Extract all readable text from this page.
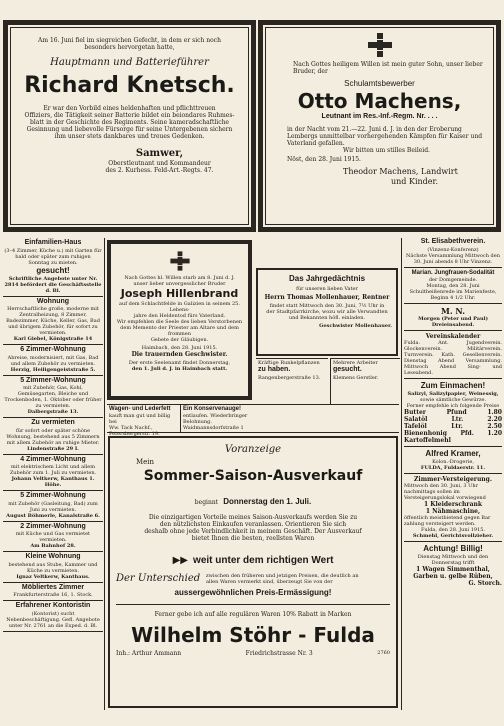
Am 16. Juni fiel im siegreichen Gefecht, in dem er sich noch
besonders hervorgetan hatte,
Hauptmann und Batterieführer
Richard Knetsch.
Er war den Vorbild eines heldenhaften und pflichttreuen
Offiziers, die Tätigkeit seiner Batterie bildet ein beiondares Ruhmes-
blatt in der Geschichte des Regiments. Seine kameradschaftliche
Gesinnung und liebevolle Fürsorge für seine Untergebenen sichern
ihm unser stets dankbares und treues Gedenken.
Samwer,
Oberstleutnant und Kommandeur
des 2. Kurhess. Feld-Art.-Regts. 47.
Nach Gottes heiligem Willen ist mein guter Sohn, unser lieber
Bruder, der
Schulamtsbewerber
Otto Machens,
Leutnant im Res.-Inf.-Regm. Nr. . . .
in der Nacht vom 21.—22. Juni d. J. in den der Eroberung
Lembergs unmittelbar vorhergehenden Kämpfen für Kaiser und
Vaterland gefallen.
Wir bitten um stilles Beileid.
Nöst, den 28. Juni 1915.
Theodor Machens, Landwirt
und Kinder.
Einfamilien-Haus
(3–4 Zimmer, Küche u.) mit Garten für bald oder später zum ruhigen Sonntag zu mieten.
gesucht!
Schriftliche Angebote unter Nr. 2814 befördert die Geschäftsstelle d. Bl.
Wohnung
Herrschaftliche große, moderne mit Zentralheizung, 8 Zimmer, Badezimmer, Küche, Keller, Gas, Bad und übrigem Zubehör, für sofort zu vermieten.
Karl Giebel, Königstraße 14
6 Zimmer-Wohnung
Abreise, modernisiert, mit Gas, Bad und allem Zubehör zu vermieten.
Herzig, Heiligengeiststraße 5.
5 Zimmer-Wohnung
mit Zubehör, Gas, Kohl, Gemüsegarten, Bleiche und Trockenboden, 1. Oktober oder früher zu vermieten.
Dalbergstraße 13.
Zu vermieten
für sofort oder später schöne Wohnung, bestehend aus 5 Zimmern mit allem Zubehör an ruhige Mieter.
Lindenstraße 29 I.
4 Zimmer-Wohnung
mit elektrischem Licht und allem Zubehör zum 1. Juli zu vermieten.
Johann Veltkerw, Kanthaus 1. Höhe.
5 Zimmer-Wohnung
mit Zubehör (Gasleitung, Bad) zum Juni zu vermieten.
August Böhmerle, Kanalstraße 6.
2 Zimmer-Wohnung
mit Küche und Gas vermietet vermieten.
Am Bahnhof 28.
Kleine Wohnung
bestehend aus Stube, Kammer und Küche zu vermieten.
Ignaz Veltkerw, Kanthaus.
Möbliertes Zimmer
Frankfurterstraße 16, 1. Stock.
Erfahrener Kontoristin
(Kontorist) sucht Nebenbeschäftigung. Gefl. Angebote unter Nr. 2761 an die Exped. d. Bl.
Nach Gottes hl. Willen starb am 8. Juni d. J.
unser lieber unvergesslicher Bruder
Joseph Hillenbrand
auf dem Schlachtfelde in Galizien in seinem 25. Lebens-
jahre den Heldentod fürs Vaterland.
Wir empfehlen die Seele des lieben Verstorbenen
dem Memento der Priester am Altare und dem frommen
Gebete der Gläubigen.
Haimbach, den 28. Juni 1915.
Die trauernden Geschwister.
Der erste Seelenamt findet Donnerstag,
den 1. Juli d. J. in Haimbach statt.
Das Jahrgedächtnis
für unseren lieben Vater
Herrn Thomas Mollenhauer, Rentner
findet statt Mittwoch den 30. Juni, 7½ Uhr in
der Stadtpfarrkirche, wozu wir alle Verwandten
und Bekannten höfl. einladen.
Geschwister Mollenhauer.
Wagen- und Lederfett
kauft man gut und billig bei
Ww. Tack Nachf., Petersbergerstr. 19.
Ein Konservenauge!
entlaufen. Wiederbringer Belohnung.
Waidmannsdorfstraße 1
Kräftige Runkelpflanzen
zu haben.
Rangenbergerstraße 13.
Mehrere Arbeiter
gesucht.
Klemens Gerstler.
St. Elisabethverein.
(Vinzenz-Konferenz)
Nächste Versammlung Mittwoch den 30. Juni abends 8 Uhr Vinzenz.
Marian. Jungfrauen-Sodalität
der Domgemeinde.
Montag, den 28. Juni Schultheißenrede im Marienfeste, Beginn 4 1/2 Uhr.
M. N.
Morgen (Peter und Paul) Dreieinsabend.
Vereinskalender
Fulda. Ant. Jugendverein. Glockenverein. Militärverein. Turnverein. Kath. Gesellenverein. Dienstag Abend Versammlung. Mittwoch Abend Sing- und Leseabend.
Zum Einmachen!
Salizyl, Salizylpapier, Weinessig,
sowie sämtliche Gewürze.
Ferner empfehle ich folgende Preise
Butter	Pfund	1.80
Salatöl	Ltr.	2.20
Tafelöl	Ltr.	2.50
Bienenhonig Pfd. 1.20
Kartoffelmehl
Alfred Kramer,
Kolon.-Drogerie,
FULDA, Fuldaerstr. 11.
Zimmer-Versteigerung.
Mittwoch den 30. Juni, 3 Uhr nachmittags sollen im Versteigerungslokal vorwiegend
1 Kleiderschrank
1 Nähmaschine,
öffentlich meistbietend gegen Bar zahlung versteigert werden.
Fulda, den 28. Juni 1915.
Schmehl, Gerichtsvollzieher.
Achtung! Billig!
Dienstag Mittwoch und den Donnerstag trifft
1 Wagen Simmenthal,
Garben u. gelbe Rüben,
G. Storch.
Voranzeige
Mein
Sommer-Saison-Ausverkauf
beginnt Donnerstag den 1. Juli.
Die einzigartigen Vorteile meines Saison-Ausverkaufs werden Sie zu
den nützlichsten Einkaufen veranlassen. Orientieren Sie sich
deshalb ohne jede Verbindlichkeit in meinem Geschäft. Der Ausverkauf
bietet Ihnen die besten, reellsten Waren
▶▶ weit unter dem richtigen Wert
Der Unterschied	zwischen den früheren und jetzigen Preisen, die deutlich an
allen Waren vermerkt sind, überzeugt Sie von der
aussergewöhnlichen Preis-Ermässigung!
Ferner gebe ich auf alle regulären Waren 10% Rabatt in Marken
Wilhelm Stöhr - Fulda
Inh.: Arthur Ammann	Friedrichstrasse Nr. 3	2760
